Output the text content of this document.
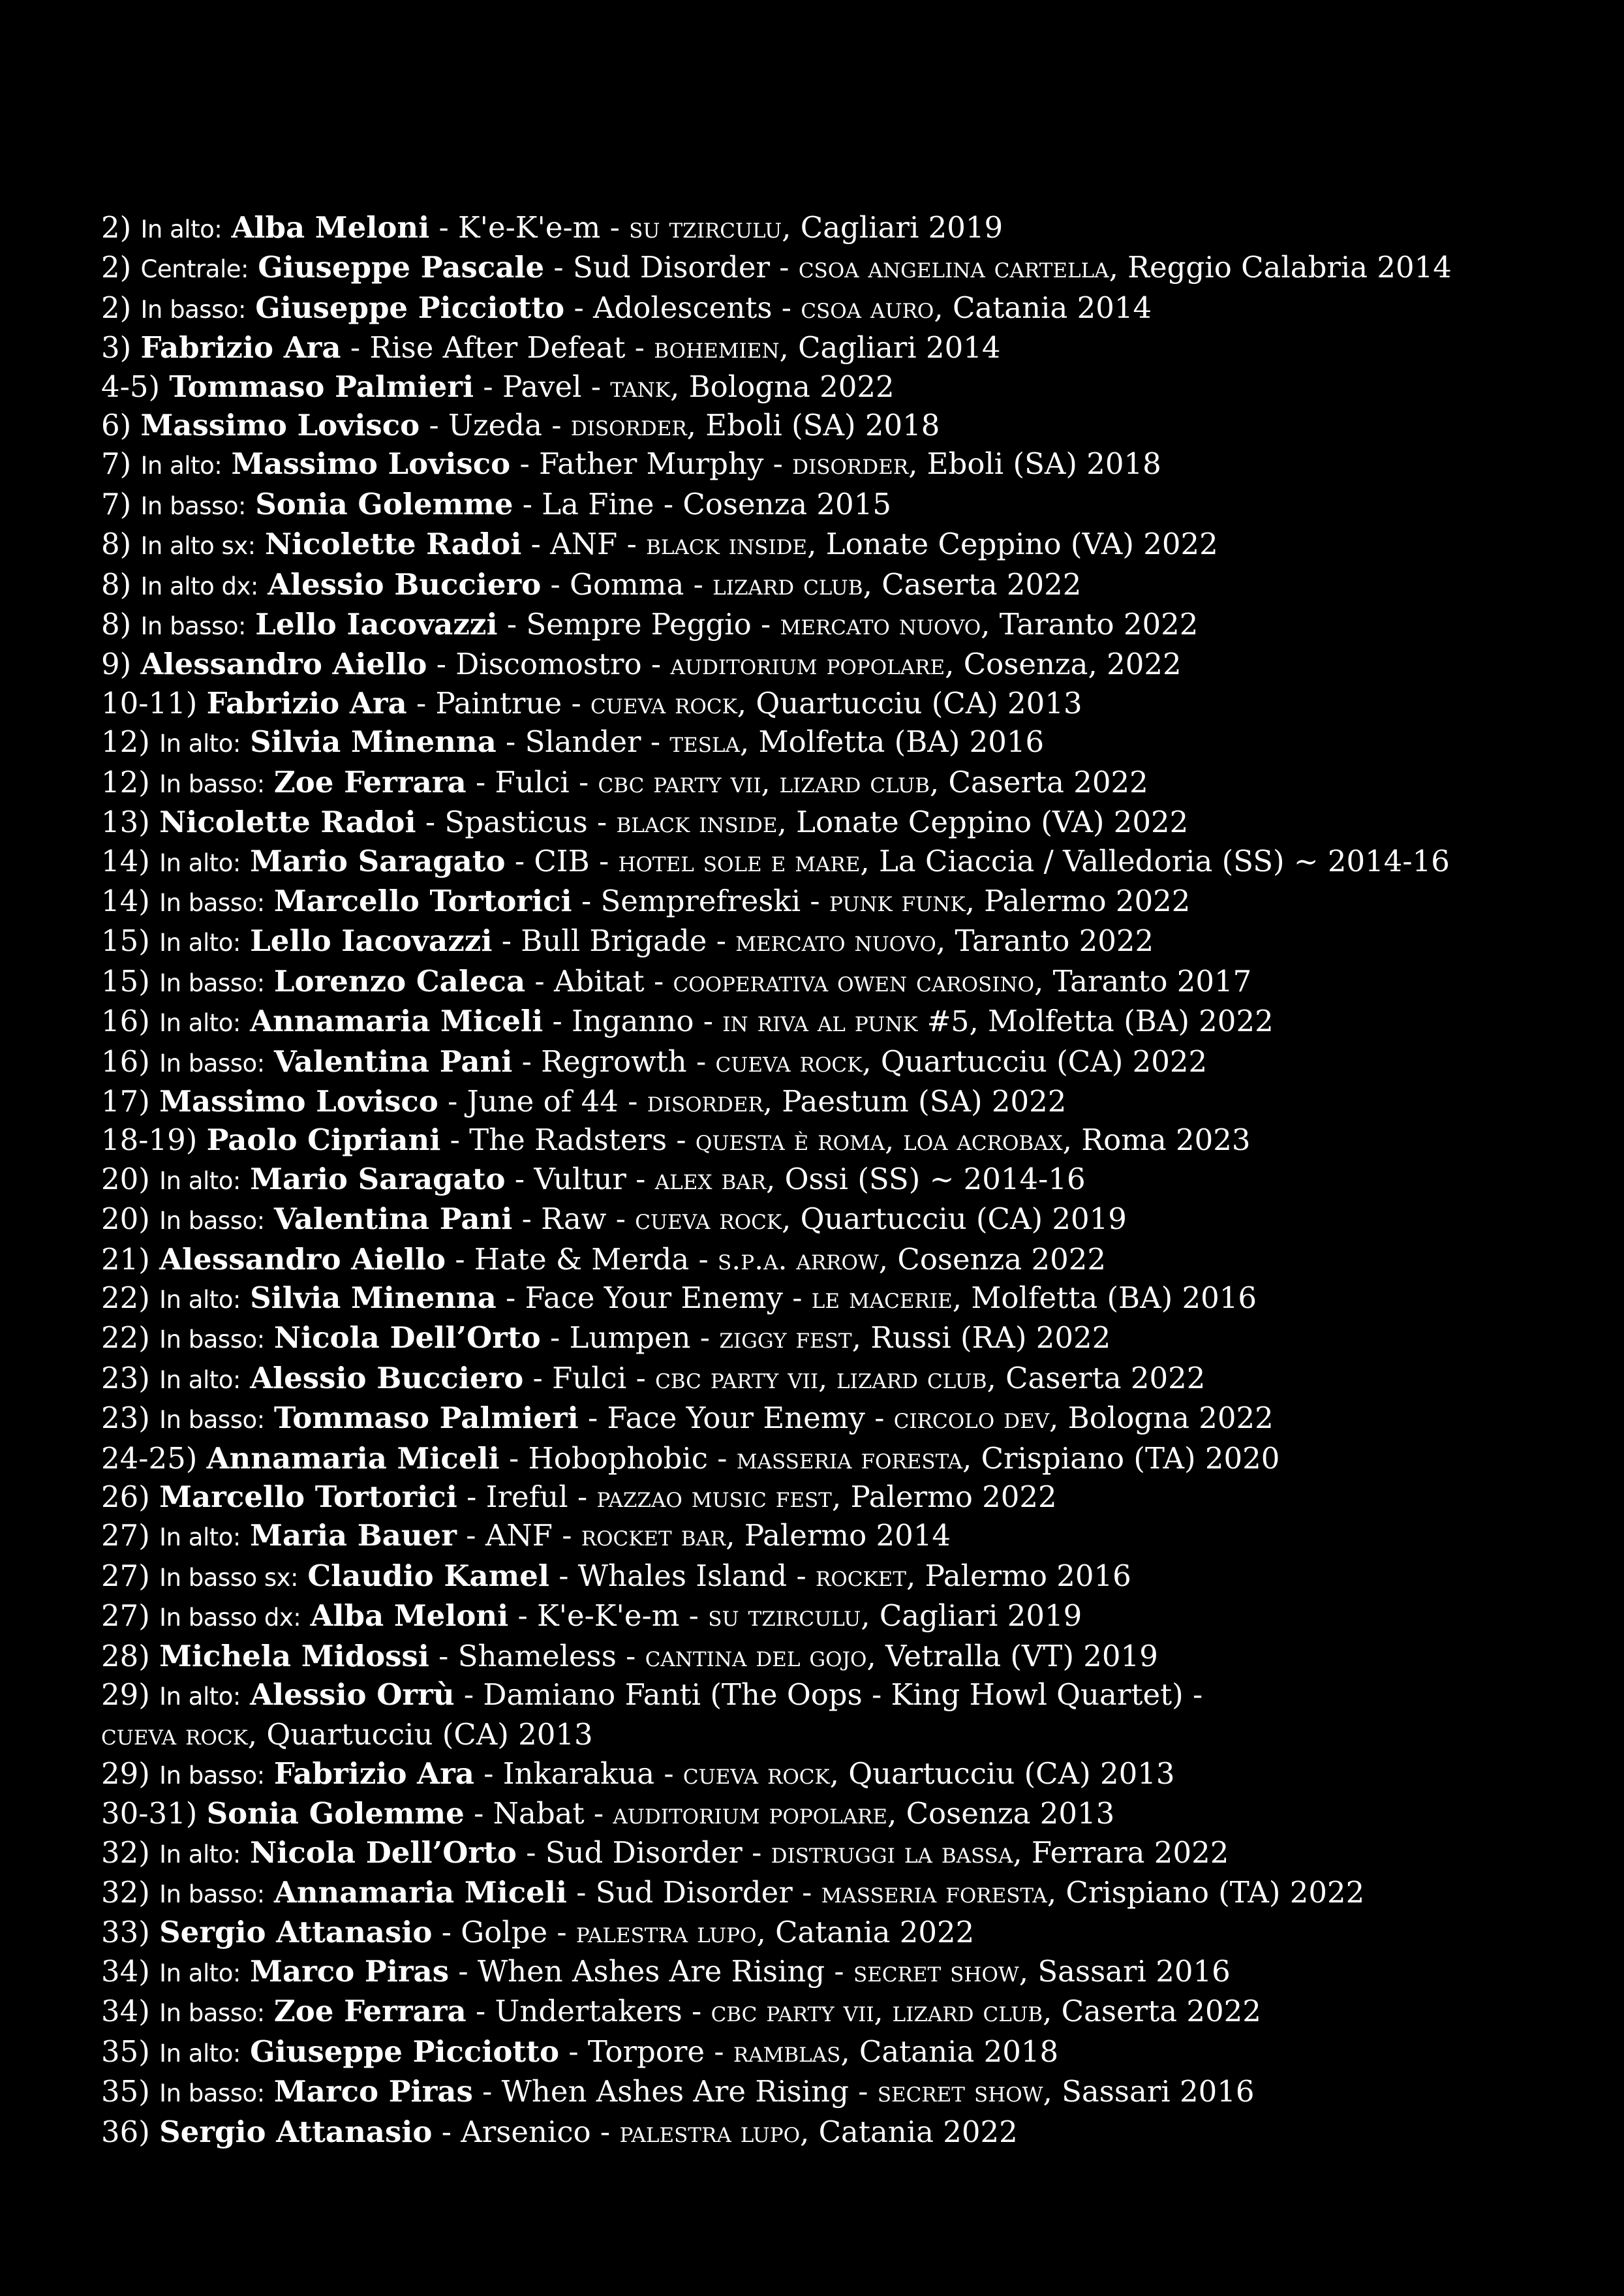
2) In alto: Alba Meloni - K'e-K'e-m - su tzirculu, Cagliari 2019
2) Centrale: Giuseppe Pascale - Sud Disorder - csoa angelina cartella, Reggio Calabria 2014
2) In basso: Giuseppe Picciotto - Adolescents - csoa auro, Catania 2014
3) Fabrizio Ara - Rise After Defeat - bohemien, Cagliari 2014
4-5) Tommaso Palmieri - Pavel - tank, Bologna 2022
6) Massimo Lovisco - Uzeda - disorder, Eboli (SA) 2018
7) In alto: Massimo Lovisco - Father Murphy - disorder, Eboli (SA) 2018
7) In basso: Sonia Golemme - La Fine - Cosenza 2015
8) In alto sx: Nicolette Radoi - ANF - black inside, Lonate Ceppino (VA) 2022
8) In alto dx: Alessio Bucciero - Gomma - lizard club, Caserta 2022
8) In basso: Lello Iacovazzi - Sempre Peggio - mercato nuovo, Taranto 2022
9) Alessandro Aiello - Discomostro - auditorium popolare, Cosenza, 2022
10-11) Fabrizio Ara - Paintrue - cueva rock, Quartucciu (CA) 2013
12) In alto: Silvia Minenna - Slander - tesla, Molfetta (BA) 2016
12) In basso: Zoe Ferrara - Fulci - cbc party vii, lizard club, Caserta 2022
13) Nicolette Radoi - Spasticus - black inside, Lonate Ceppino (VA) 2022
14) In alto: Mario Saragato - CIB - hotel sole e mare, La Ciaccia / Valledoria (SS) ~ 2014-16
14) In basso: Marcello Tortorici - Semprefreski - punk funk, Palermo 2022
15) In alto: Lello Iacovazzi - Bull Brigade - mercato nuovo, Taranto 2022
15) In basso: Lorenzo Caleca - Abitat - cooperativa owen carosino, Taranto 2017
16) In alto: Annamaria Miceli - Inganno - in riva al punk #5, Molfetta (BA) 2022
16) In basso: Valentina Pani - Regrowth - cueva rock, Quartucciu (CA) 2022
17) Massimo Lovisco - June of 44 - disorder, Paestum (SA) 2022
18-19) Paolo Cipriani - The Radsters - questa è roma, loa acrobax, Roma 2023
20) In alto: Mario Saragato - Vultur - alex bar, Ossi (SS) ~ 2014-16
20) In basso: Valentina Pani - Raw - cueva rock, Quartucciu (CA) 2019
21) Alessandro Aiello - Hate & Merda - s.p.a. arrow, Cosenza 2022
22) In alto: Silvia Minenna - Face Your Enemy - le macerie, Molfetta (BA) 2016
22) In basso: Nicola Dell’Orto - Lumpen - ziggy fest, Russi (RA) 2022
23) In alto: Alessio Bucciero - Fulci - cbc party vii, lizard club, Caserta 2022
23) In basso: Tommaso Palmieri - Face Your Enemy - circolo dev, Bologna 2022
24-25) Annamaria Miceli - Hobophobic - masseria foresta, Crispiano (TA) 2020
26) Marcello Tortorici - Ireful - pazzao music fest, Palermo 2022
27) In alto: Maria Bauer - ANF - rocket bar, Palermo 2014
27) In basso sx: Claudio Kamel - Whales Island - rocket, Palermo 2016
27) In basso dx: Alba Meloni - K'e-K'e-m - su tzirculu, Cagliari 2019
28) Michela Midossi - Shameless - cantina del gojo, Vetralla (VT) 2019
29) In alto: Alessio Orrù - Damiano Fanti (The Oops - King Howl Quartet) -
cueva rock, Quartucciu (CA) 2013
29) In basso: Fabrizio Ara - Inkarakua - cueva rock, Quartucciu (CA) 2013
30-31) Sonia Golemme - Nabat - auditorium popolare, Cosenza 2013
32) In alto: Nicola Dell’Orto - Sud Disorder - distruggi la bassa, Ferrara 2022
32) In basso: Annamaria Miceli - Sud Disorder - masseria foresta, Crispiano (TA) 2022
33) Sergio Attanasio - Golpe - palestra lupo, Catania 2022
34) In alto: Marco Piras - When Ashes Are Rising - secret show, Sassari 2016
34) In basso: Zoe Ferrara - Undertakers - cbc party vii, lizard club, Caserta 2022
35) In alto: Giuseppe Picciotto - Torpore - ramblas, Catania 2018
35) In basso: Marco Piras - When Ashes Are Rising - secret show, Sassari 2016
36) Sergio Attanasio - Arsenico - palestra lupo, Catania 2022
